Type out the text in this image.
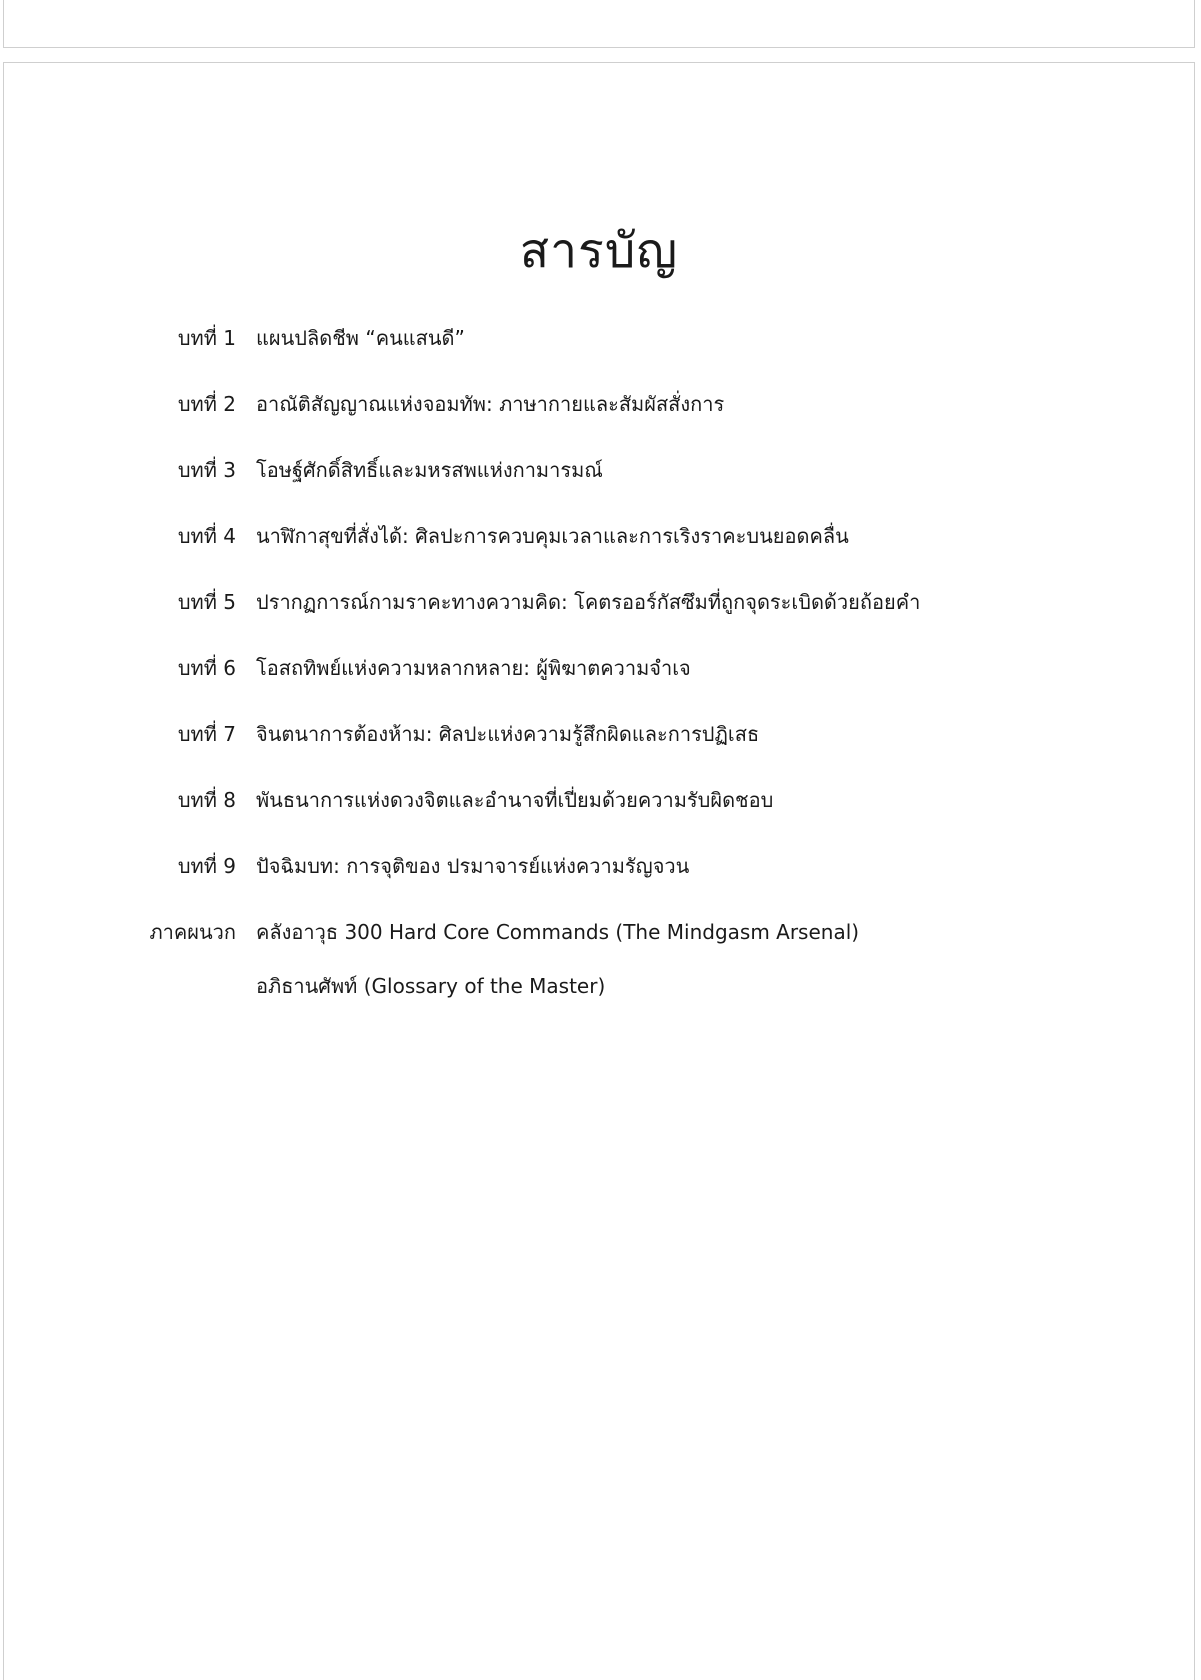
สารบัญ
บทที่ 1	แผนปลิดชีพ “คนแสนดี”
บทที่ 2	อาณัติสัญญาณแห่งจอมทัพ: ภาษากายและสัมผัสสั่งการ
บทที่ 3	โอษฐ์ศักดิ์สิทธิ์และมหรสพแห่งกามารมณ์
บทที่ 4	นาฬิกาสุขที่สั่งได้: ศิลปะการควบคุมเวลาและการเริงราคะบนยอดคลื่น
บทที่ 5	ปรากฏการณ์กามราคะทางความคิด: โคตรออร์กัสซึมที่ถูกจุดระเบิดด้วยถ้อยคำ
บทที่ 6	โอสถทิพย์แห่งความหลากหลาย: ผู้พิฆาตความจำเจ
บทที่ 7	จินตนาการต้องห้าม: ศิลปะแห่งความรู้สึกผิดและการปฏิเสธ
บทที่ 8	พันธนาการแห่งดวงจิตและอำนาจที่เปี่ยมด้วยความรับผิดชอบ
บทที่ 9	ปัจฉิมบท: การจุติของ ปรมาจารย์แห่งความรัญจวน
ภาคผนวก	คลังอาวุธ 300 Hard Core Commands (The Mindgasm Arsenal)
อภิธานศัพท์ (Glossary of the Master)
